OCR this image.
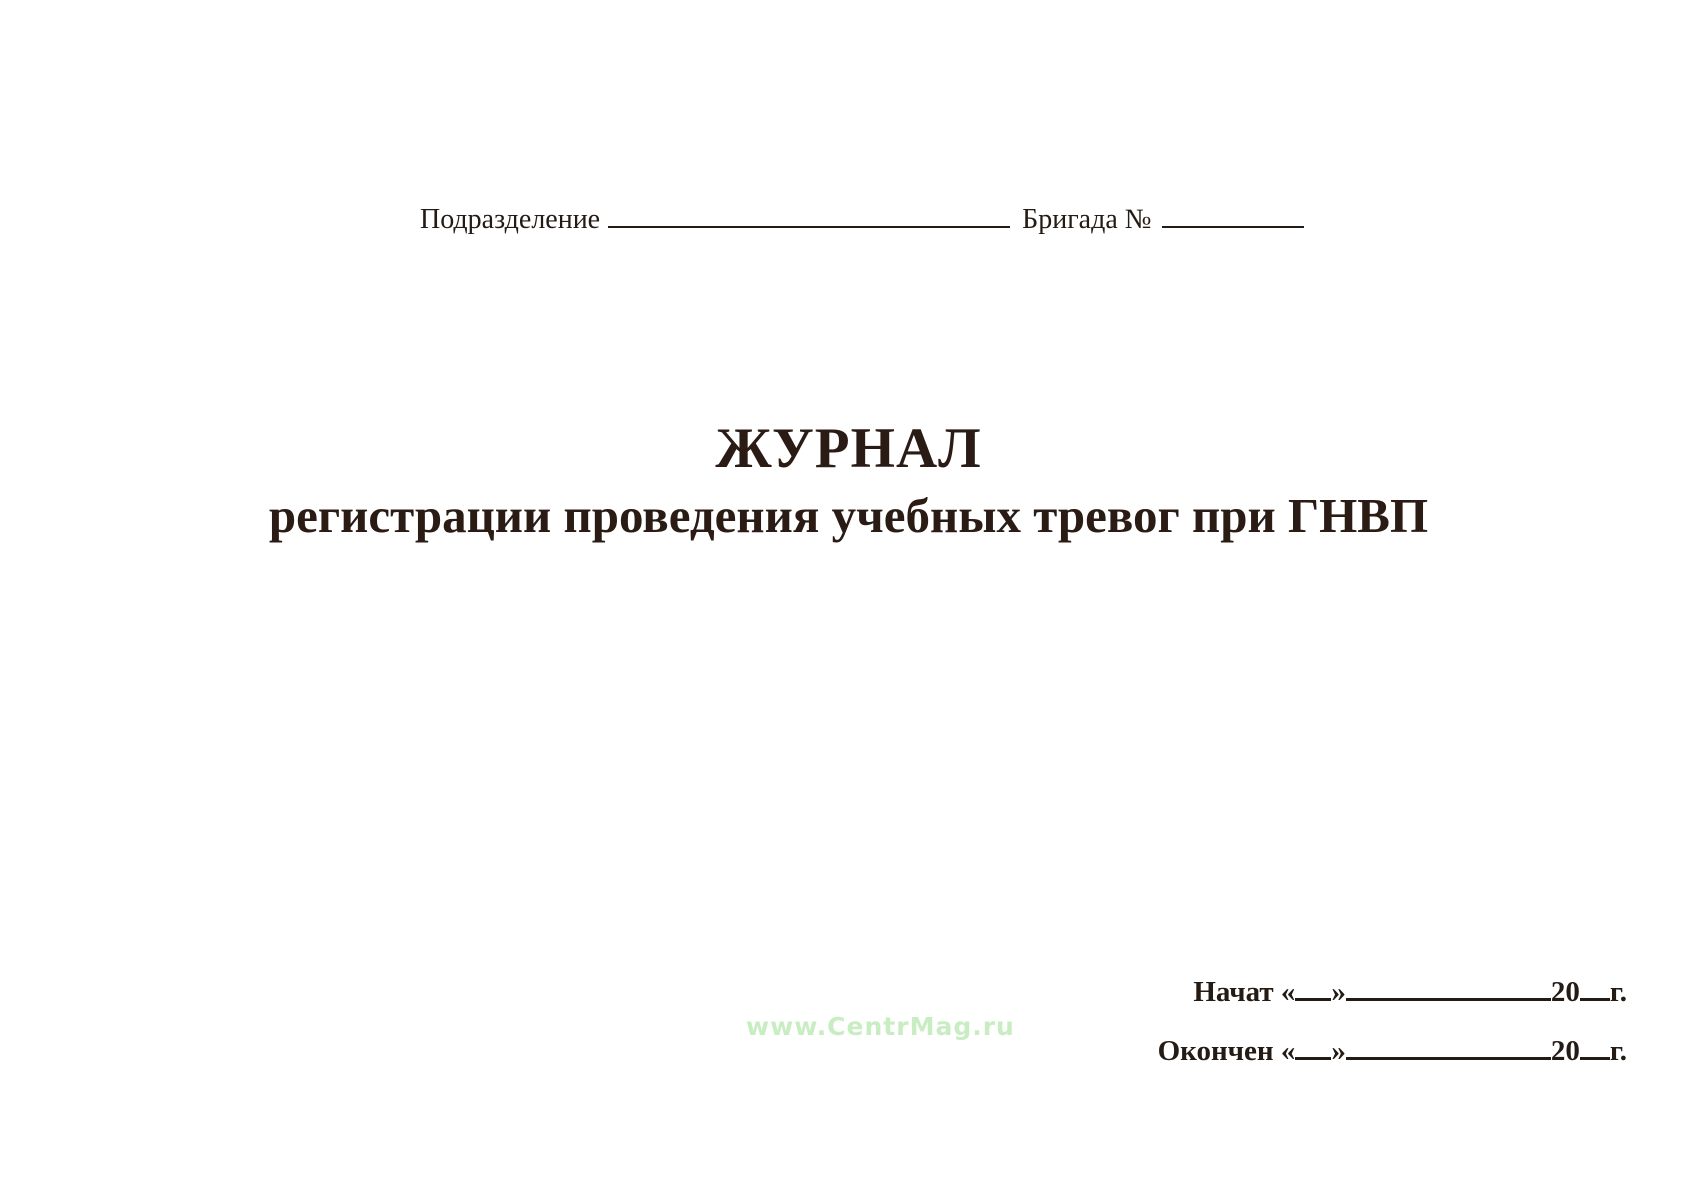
Подразделение	Бригада №
ЖУРНАЛ
регистрации проведения учебных тревог при ГНВП
Начат « »	20 г.
Окончен « »	20 г.
www.CentrMag.ru
